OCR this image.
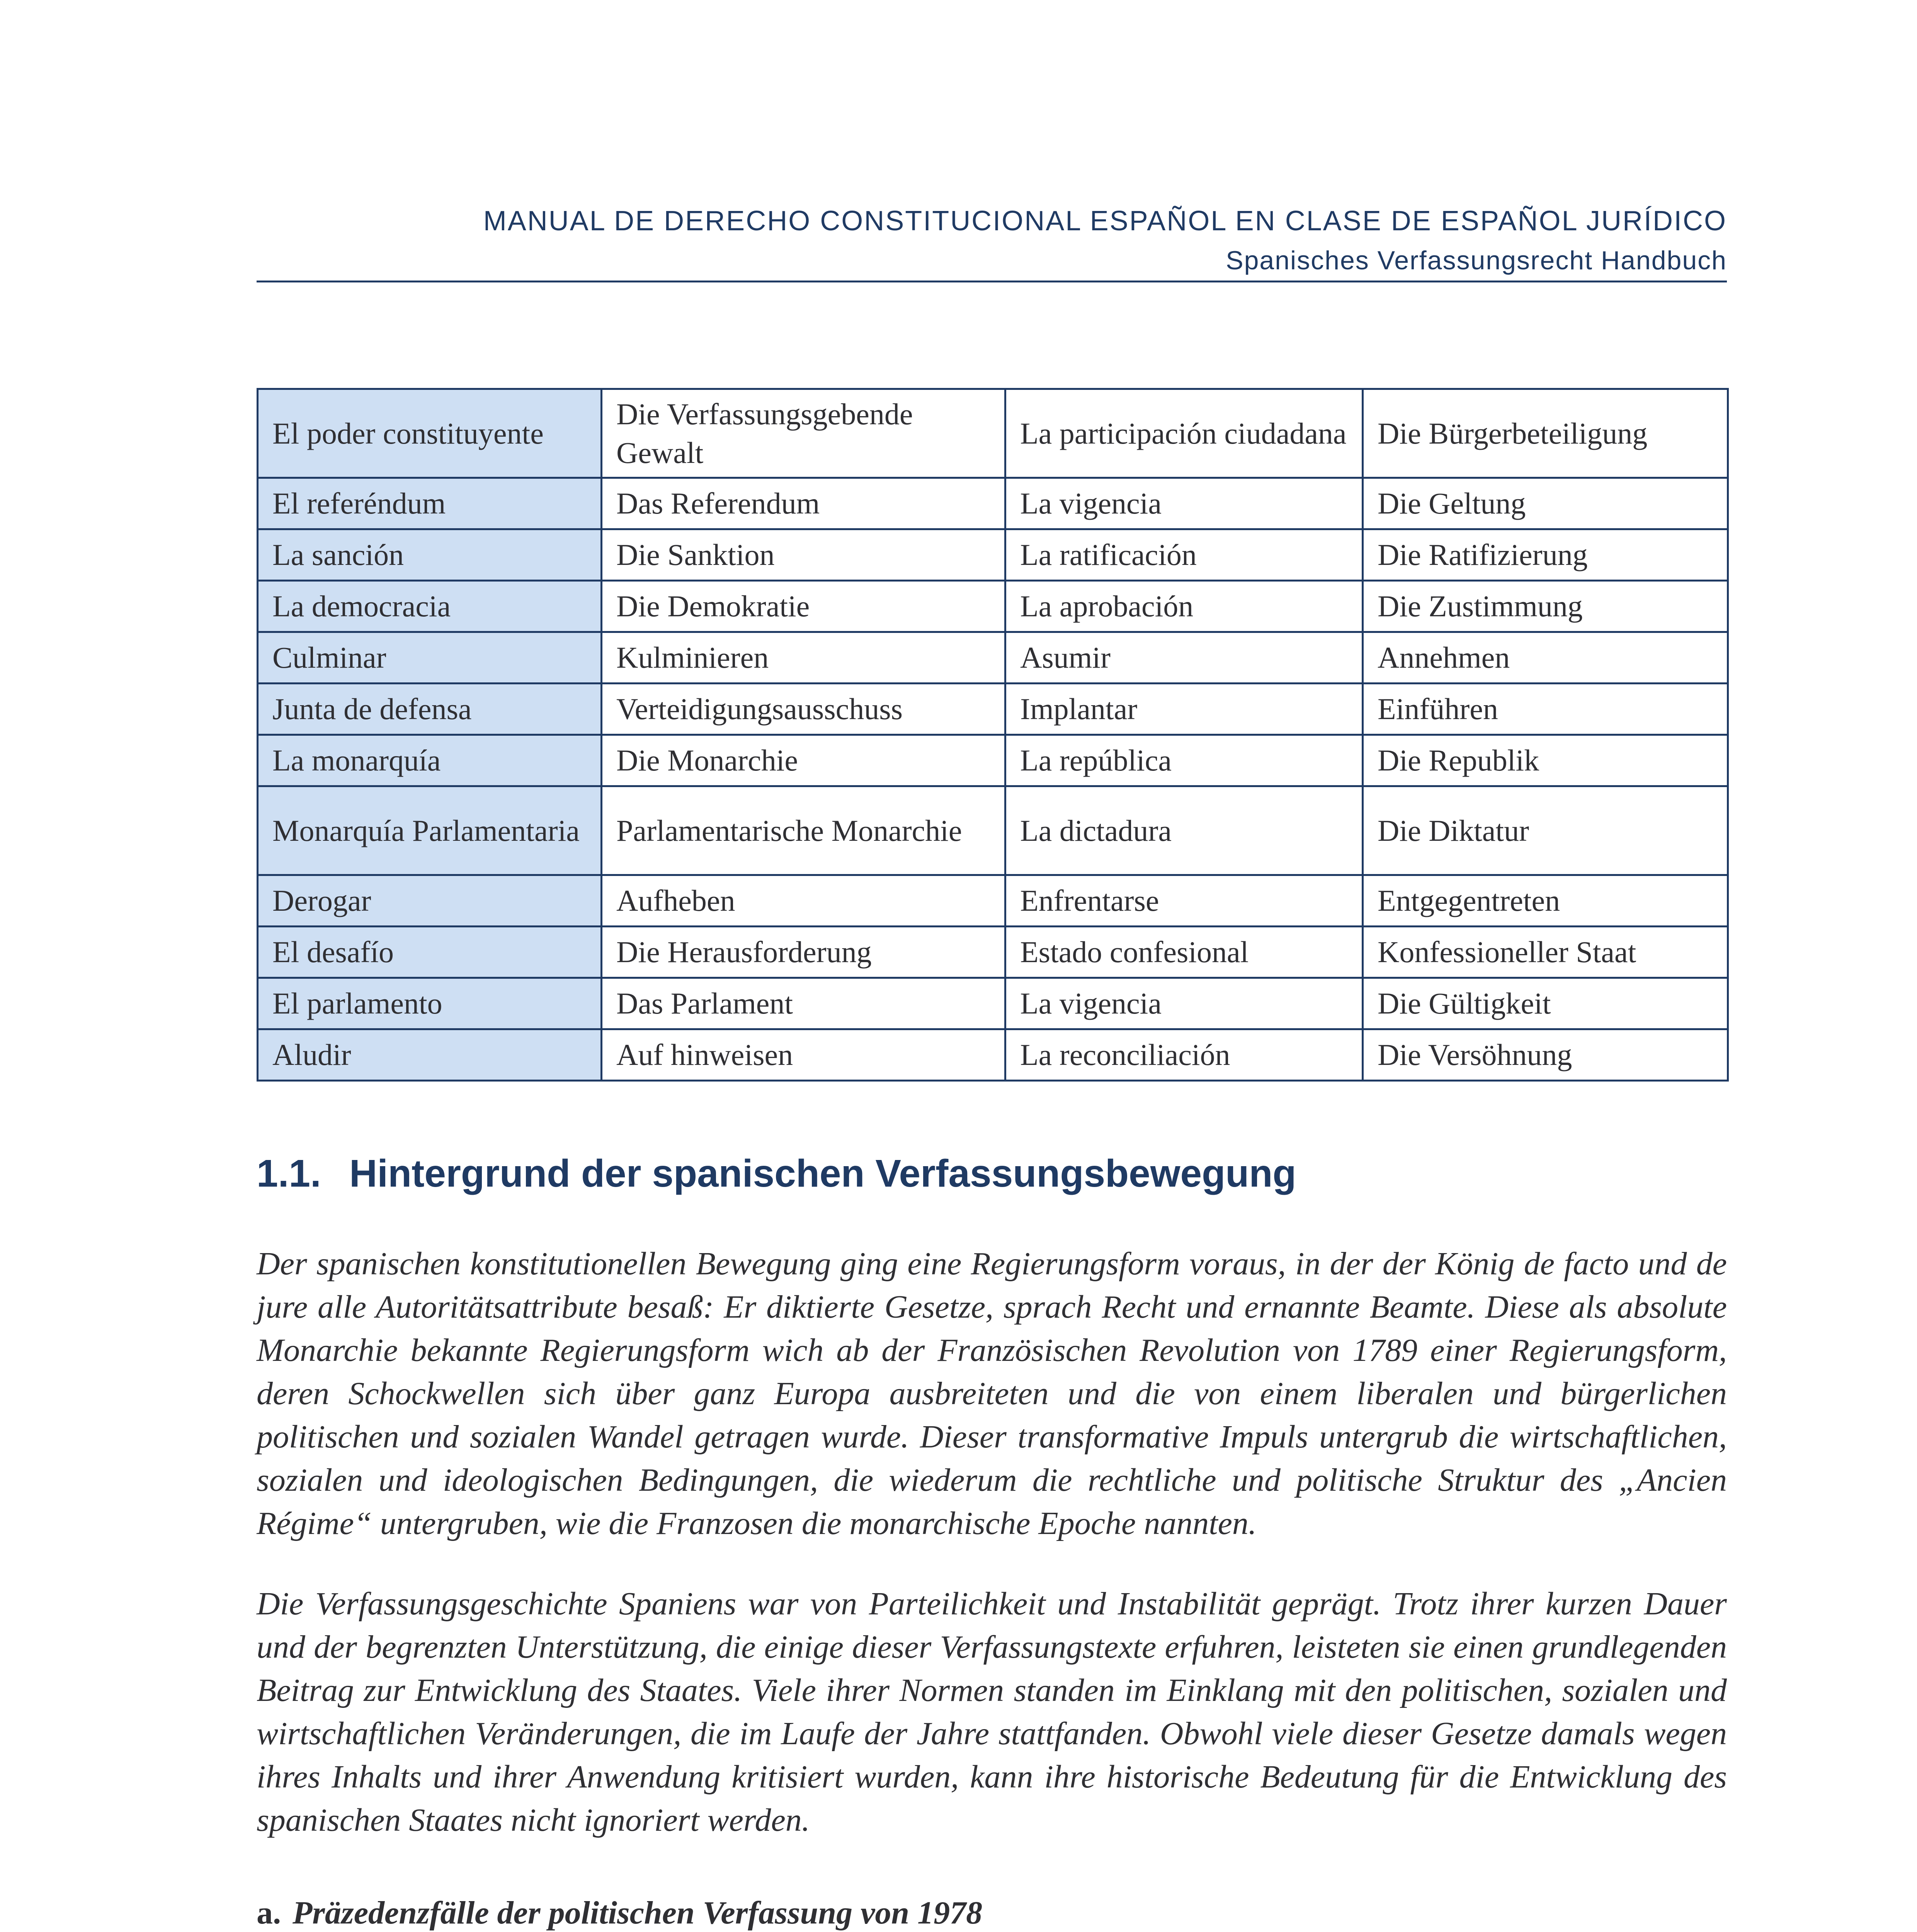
MANUAL DE DERECHO CONSTITUCIONAL ESPAÑOL EN CLASE DE ESPAÑOL JURÍDICO
Spanisches Verfassungsrecht Handbuch
El poder constituyente	Die Verfassungsgebende Gewalt	La participación ciudadana	Die Bürgerbeteiligung
El referéndum	Das Referendum	La vigencia	Die Geltung
La sanción	Die Sanktion	La ratificación	Die Ratifizierung
La democracia	Die Demokratie	La aprobación	Die Zustimmung
Culminar	Kulminieren	Asumir	Annehmen
Junta de defensa	Verteidigungsausschuss	Implantar	Einführen
La monarquía	Die Monarchie	La república	Die Republik
Monarquía Parlamentaria	Parlamentarische Monarchie	La dictadura	Die Diktatur
Derogar	Aufheben	Enfrentarse	Entgegentreten
El desafío	Die Herausforderung	Estado confesional	Konfessioneller Staat
El parlamento	Das Parlament	La vigencia	Die Gültigkeit
Aludir	Auf hinweisen	La reconciliación	Die Versöhnung
1.1. Hintergrund der spanischen Verfassungsbewegung

Der spanischen konstitutionellen Bewegung ging eine Regierungsform voraus, in der der König de facto und de jure alle Autoritätsattribute besaß: Er diktierte Gesetze, sprach Recht und ernannte Beamte. Diese als absolute Monarchie bekannte Regierungsform wich ab der Französischen Revolution von 1789 einer Regierungsform, deren Schockwellen sich über ganz Europa ausbreiteten und die von einem liberalen und bürgerlichen politischen und sozialen Wandel getragen wurde. Dieser transformative Impuls untergrub die wirtschaftlichen, sozialen und ideologischen Bedingungen, die wiederum die rechtliche und politische Struktur des „Ancien Régime“ untergruben, wie die Franzosen die monarchische Epoche nannten.

Die Verfassungsgeschichte Spaniens war von Parteilichkeit und Instabilität geprägt. Trotz ihrer kurzen Dauer und der begrenzten Unterstützung, die einige dieser Verfassungstexte erfuhren, leisteten sie einen grundlegenden Beitrag zur Entwicklung des Staates. Viele ihrer Normen standen im Einklang mit den politischen, sozialen und wirtschaftlichen Veränderungen, die im Laufe der Jahre stattfanden. Obwohl viele dieser Gesetze damals wegen ihres Inhalts und ihrer Anwendung kritisiert wurden, kann ihre historische Bedeutung für die Entwicklung des spanischen Staates nicht ignoriert werden.

a. Präzedenzfälle der politischen Verfassung von 1978
